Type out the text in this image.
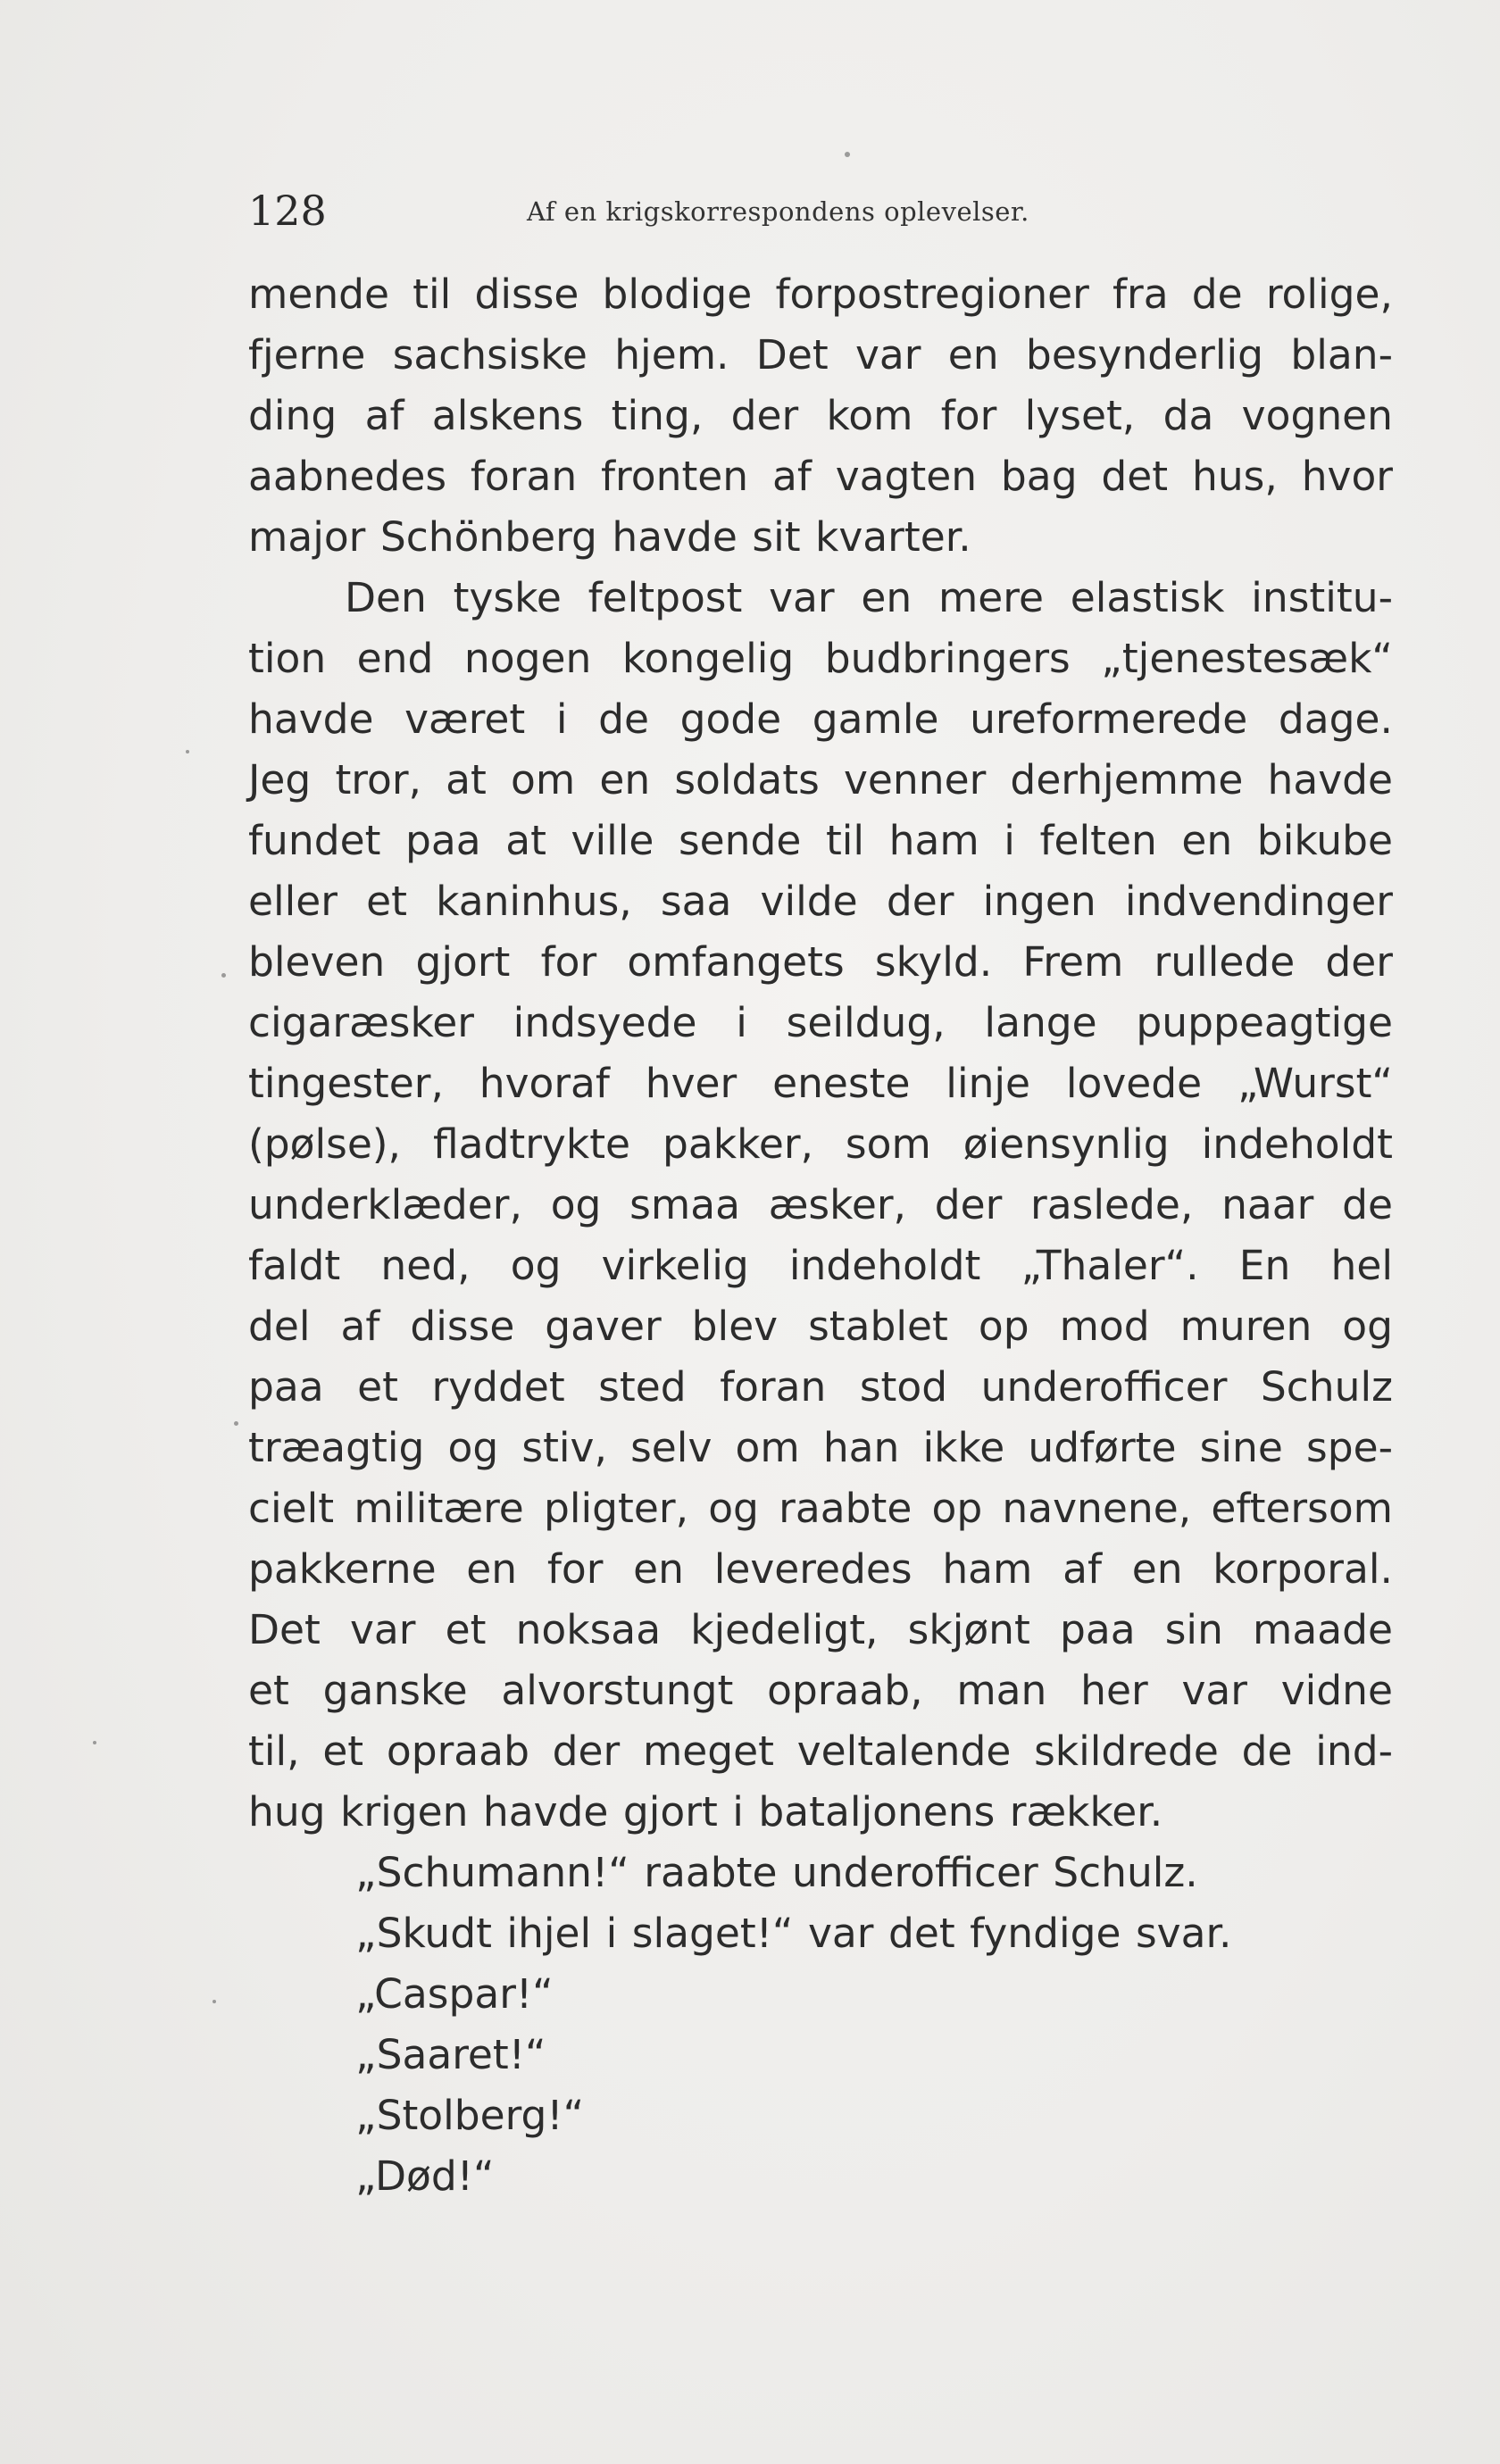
128	Af en krigskorrespondens oplevelser.
mende til disse blodige forpostregioner fra de rolige,
fjerne sachsiske hjem. Det var en besynderlig blan-
ding af alskens ting, der kom for lyset, da vognen
aabnedes foran fronten af vagten bag det hus, hvor
major Schönberg havde sit kvarter.
Den tyske feltpost var en mere elastisk institu-
tion end nogen kongelig budbringers „tjenestesæk“
havde været i de gode gamle ureformerede dage.
Jeg tror, at om en soldats venner derhjemme havde
fundet paa at ville sende til ham i felten en bikube
eller et kaninhus, saa vilde der ingen indvendinger
bleven gjort for omfangets skyld. Frem rullede der
cigaræsker indsyede i seildug, lange puppeagtige
tingester, hvoraf hver eneste linje lovede „Wurst“
(pølse), fladtrykte pakker, som øiensynlig indeholdt
underklæder, og smaa æsker, der raslede, naar de
faldt ned, og virkelig indeholdt „Thaler“. En hel
del af disse gaver blev stablet op mod muren og
paa et ryddet sted foran stod underofficer Schulz
træagtig og stiv, selv om han ikke udførte sine spe-
cielt militære pligter, og raabte op navnene, eftersom
pakkerne en for en leveredes ham af en korporal.
Det var et noksaa kjedeligt, skjønt paa sin maade
et ganske alvorstungt opraab, man her var vidne
til, et opraab der meget veltalende skildrede de ind-
hug krigen havde gjort i bataljonens rækker.
„Schumann!“ raabte underofficer Schulz.
„Skudt ihjel i slaget!“ var det fyndige svar.
„Caspar!“
„Saaret!“
„Stolberg!“
„Død!“
